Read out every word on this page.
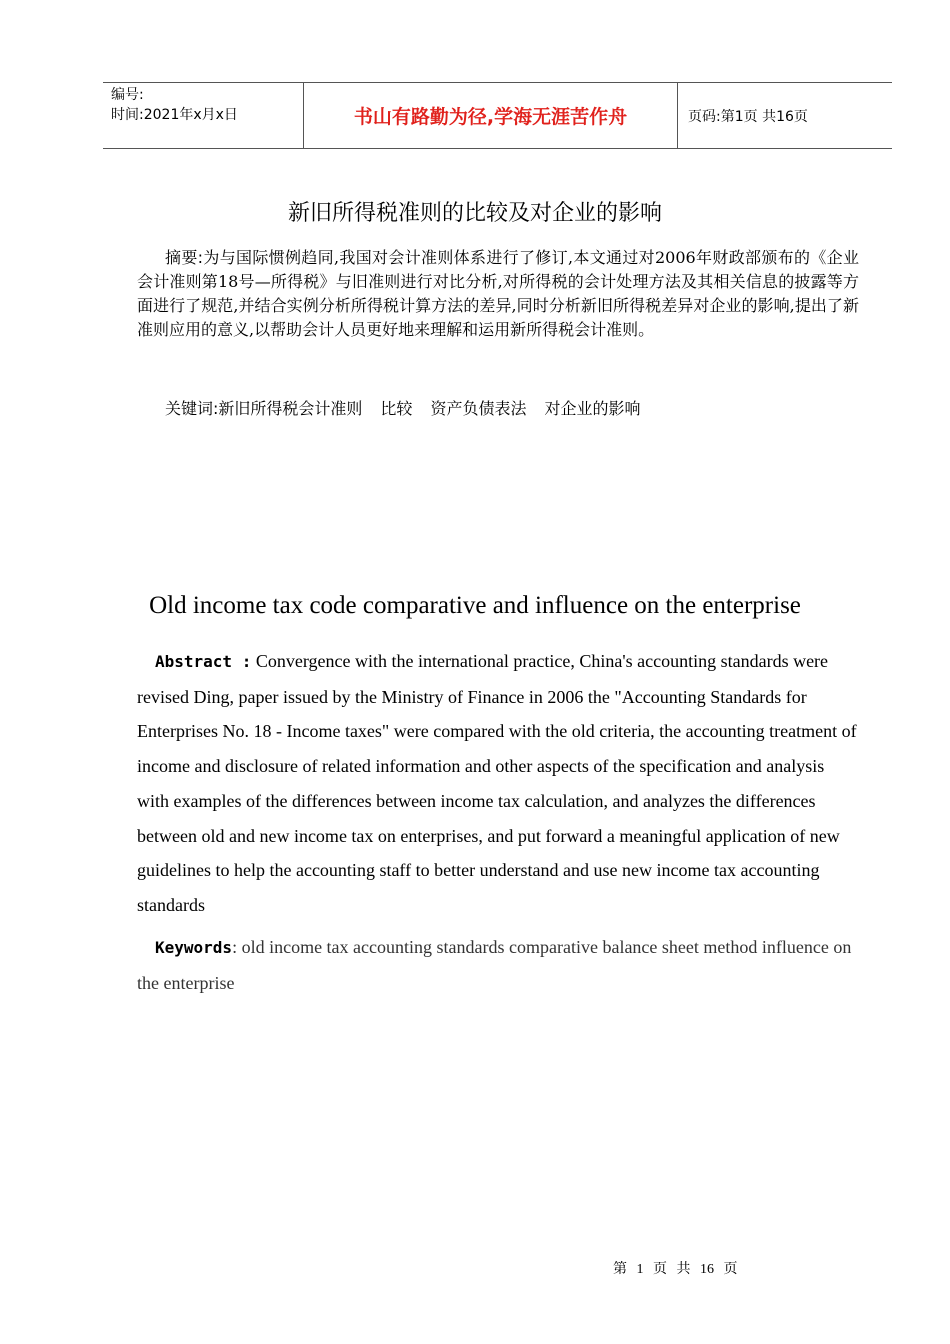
编号:
时间:2021年x月x日	书山有路勤为径,学海无涯苦作舟	页码:第1页 共16页
新旧所得税准则的比较及对企业的影响
摘要:为与国际惯例趋同,我国对会计准则体系进行了修订,本文通过对2006年财政部颁布的《企业会计准则第18号—所得税》与旧准则进行对比分析,对所得税的会计处理方法及其相关信息的披露等方面进行了规范,并结合实例分析所得税计算方法的差异,同时分析新旧所得税差异对企业的影响,提出了新准则应用的意义,以帮助会计人员更好地来理解和运用新所得税会计准则。
关键词:新旧所得税会计准则 比较 资产负债表法 对企业的影响
Old income tax code comparative and influence on the enterprise
Abstract : Convergence with the international practice, China's accounting standards were revised Ding, paper issued by the Ministry of Finance in 2006 the "Accounting Standards for Enterprises No. 18 - Income taxes" were compared with the old criteria, the accounting treatment of income and disclosure of related information and other aspects of the specification and analysis with examples of the differences between income tax calculation, and analyzes the differences between old and new income tax on enterprises, and put forward a meaningful application of new guidelines to help the accounting staff to better understand and use new income tax accounting standards
Keywords: old income tax accounting standards comparative balance sheet method influence on the enterprise
第 1 页 共 16 页
